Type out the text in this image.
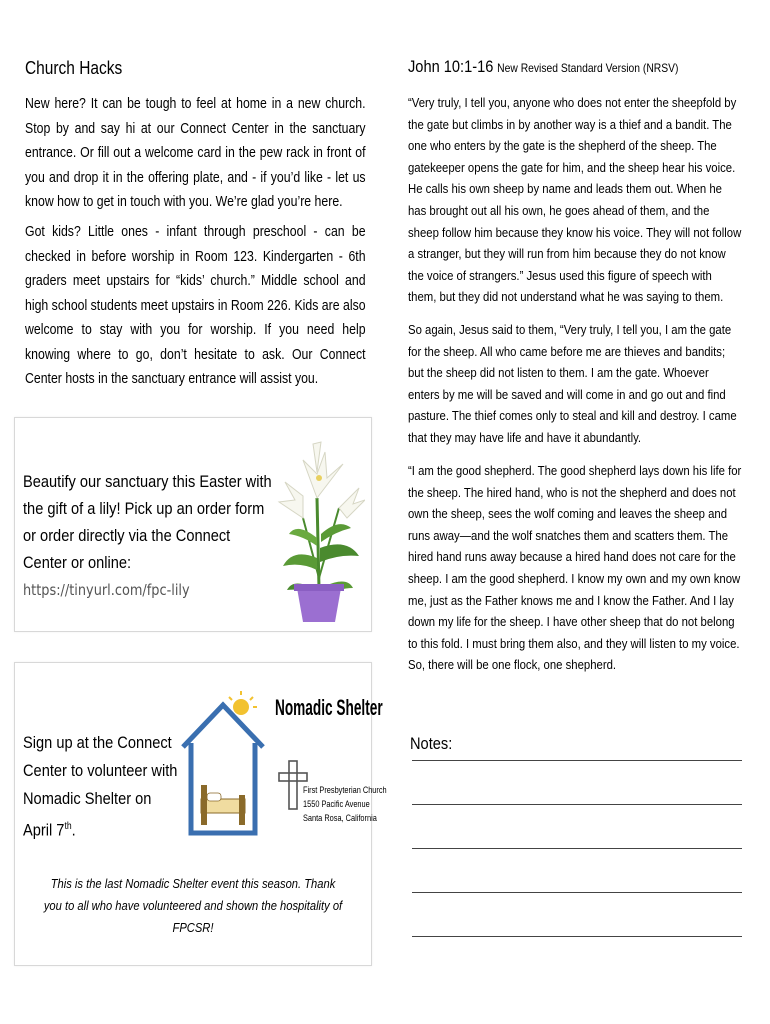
Church Hacks
New here? It can be tough to feel at home in a new church. Stop by and say hi at our Connect Center in the sanctuary entrance. Or fill out a welcome card in the pew rack in front of you and drop it in the offering plate, and - if you’d like - let us know how to get in touch with you. We’re glad you’re here.
Got kids? Little ones - infant through preschool - can be checked in before worship in Room 123. Kindergarten - 6th graders meet upstairs for “kids’ church.” Middle school and high school students meet upstairs in Room 226. Kids are also welcome to stay with you for worship. If you need help knowing where to go, don’t hesitate to ask. Our Connect Center hosts in the sanctuary entrance will assist you.
Beautify our sanctuary this Easter with the gift of a lily! Pick up an order form or order directly via the Connect Center or online: https://tinyurl.com/fpc-lily
Sign up at the Connect Center to volunteer with Nomadic Shelter on April 7th.
Nomadic Shelter
First Presbyterian Church
1550 Pacific Avenue
Santa Rosa, California
This is the last Nomadic Shelter event this season. Thank you to all who have volunteered and shown the hospitality of FPCSR!
John 10:1-16 New Revised Standard Version (NRSV)
“Very truly, I tell you, anyone who does not enter the sheepfold by the gate but climbs in by another way is a thief and a bandit. The one who enters by the gate is the shepherd of the sheep. The gatekeeper opens the gate for him, and the sheep hear his voice. He calls his own sheep by name and leads them out. When he has brought out all his own, he goes ahead of them, and the sheep follow him because they know his voice. They will not follow a stranger, but they will run from him because they do not know the voice of strangers.” Jesus used this figure of speech with them, but they did not understand what he was saying to them.
So again, Jesus said to them, “Very truly, I tell you, I am the gate for the sheep. All who came before me are thieves and bandits; but the sheep did not listen to them. I am the gate. Whoever enters by me will be saved and will come in and go out and find pasture. The thief comes only to steal and kill and destroy. I came that they may have life and have it abundantly.
“I am the good shepherd. The good shepherd lays down his life for the sheep. The hired hand, who is not the shepherd and does not own the sheep, sees the wolf coming and leaves the sheep and runs away—and the wolf snatches them and scatters them. The hired hand runs away because a hired hand does not care for the sheep. I am the good shepherd. I know my own and my own know me, just as the Father knows me and I know the Father. And I lay down my life for the sheep. I have other sheep that do not belong to this fold. I must bring them also, and they will listen to my voice. So, there will be one flock, one shepherd.
Notes:
